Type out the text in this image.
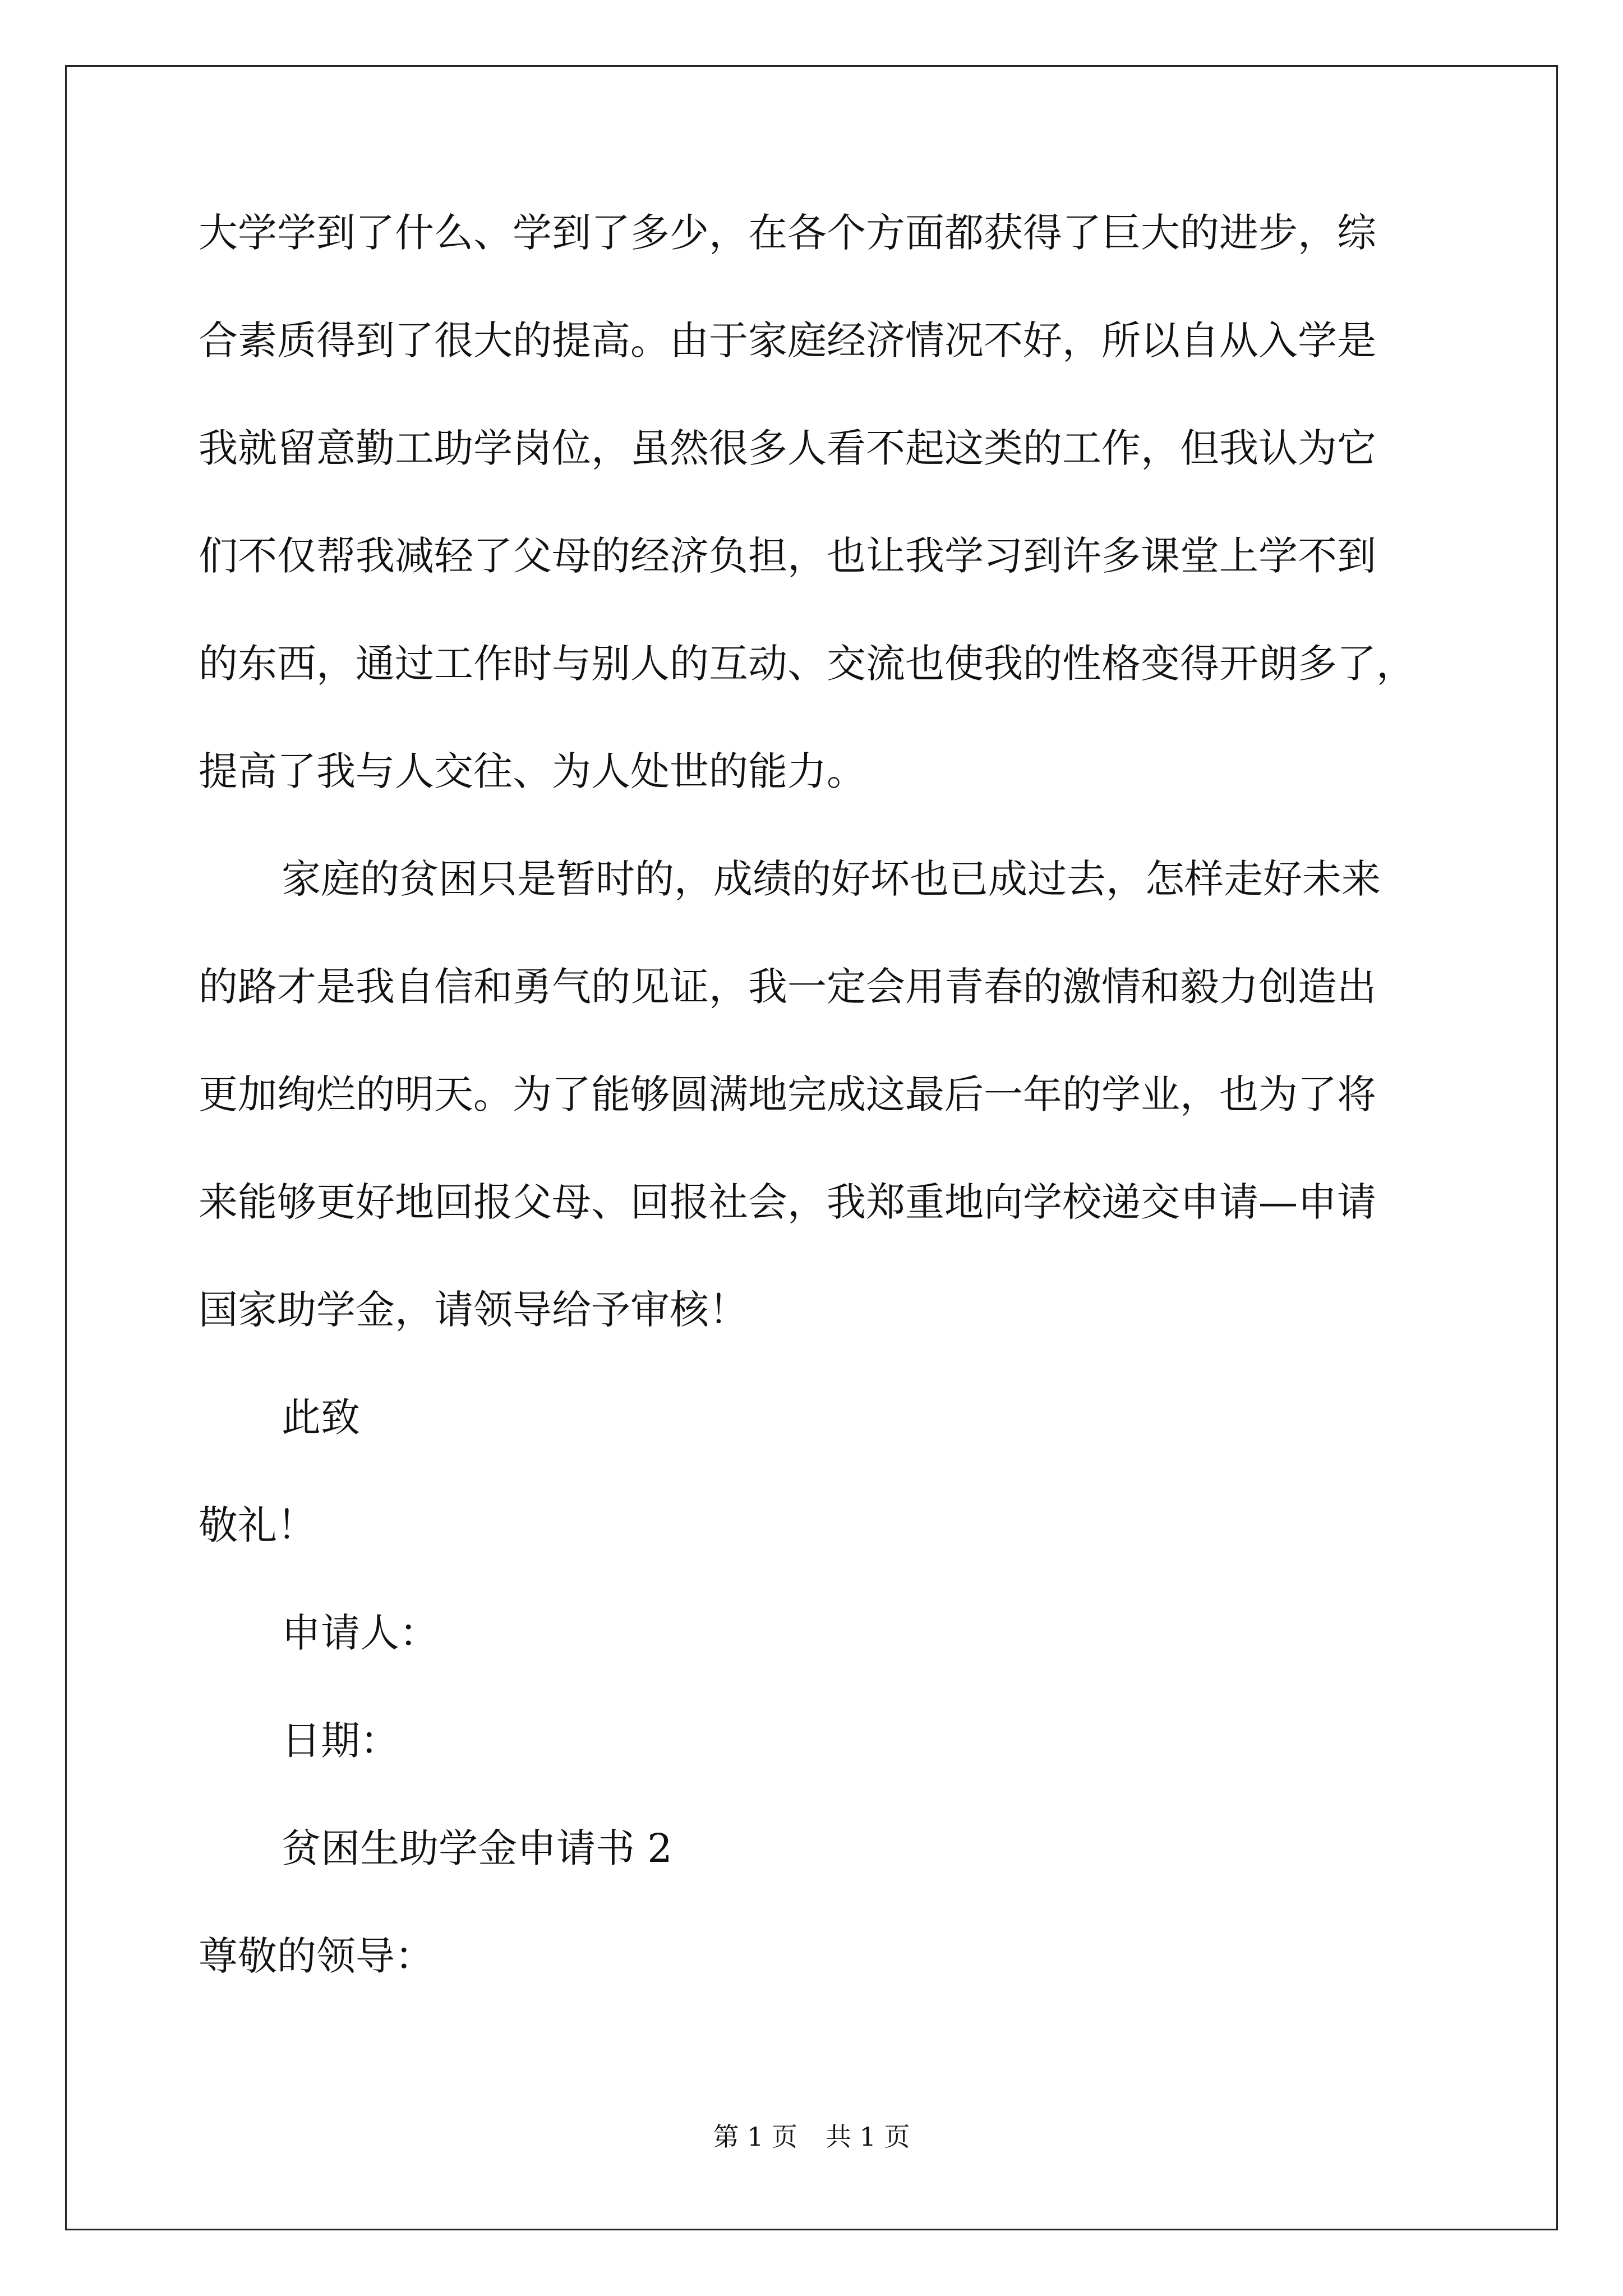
大学学到了什么、学到了多少，在各个方面都获得了巨大的进步，综
合素质得到了很大的提高。由于家庭经济情况不好，所以自从入学是
我就留意勤工助学岗位，虽然很多人看不起这类的工作，但我认为它
们不仅帮我减轻了父母的经济负担，也让我学习到许多课堂上学不到
的东西，通过工作时与别人的互动、交流也使我的性格变得开朗多了，
提高了我与人交往、为人处世的能力。
家庭的贫困只是暂时的，成绩的好坏也已成过去，怎样走好未来
的路才是我自信和勇气的见证，我一定会用青春的激情和毅力创造出
更加绚烂的明天。为了能够圆满地完成这最后一年的学业，也为了将
来能够更好地回报父母、回报社会，我郑重地向学校递交申请—申请
国家助学金，请领导给予审核！
此致
敬礼！
申请人：
日期：
贫困生助学金申请书 2
尊敬的领导：
第 1 页 共 1 页
